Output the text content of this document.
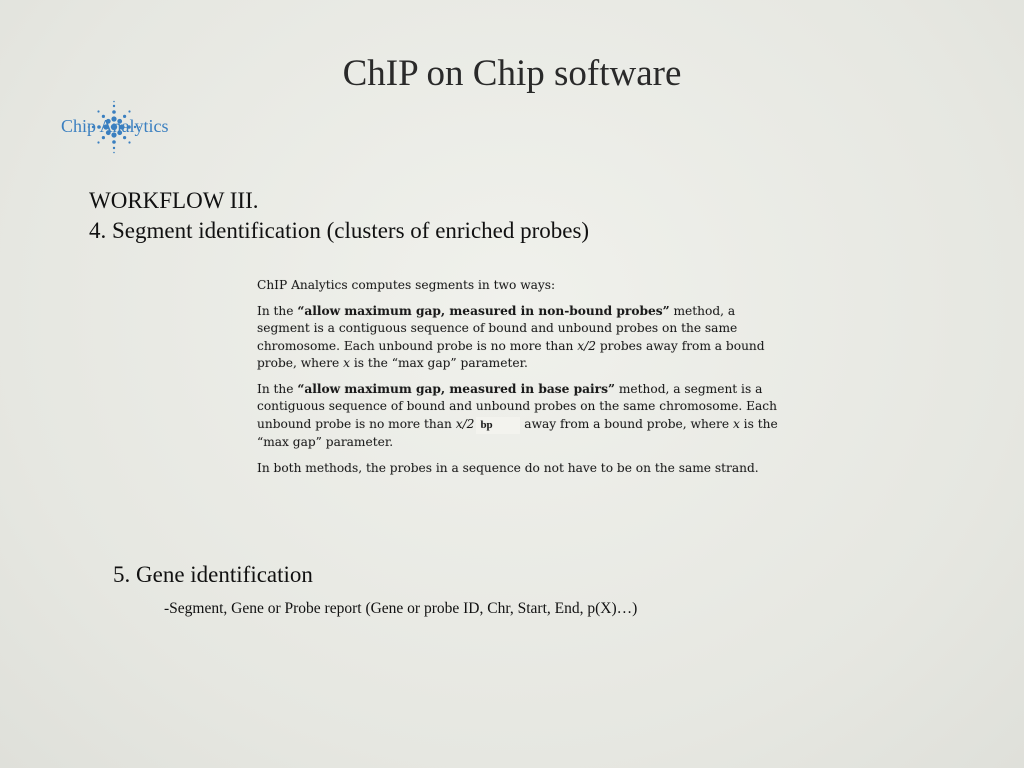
ChIP on Chip software
Chip Analytics
WORKFLOW III.
4. Segment identification (clusters of enriched probes)

ChIP Analytics computes segments in two ways:

In the “allow maximum gap, measured in non-bound probes” method, a segment is a contiguous sequence of bound and unbound probes on the same chromosome. Each unbound probe is no more than x/2 probes away from a bound probe, where x is the “max gap” parameter.

In the “allow maximum gap, measured in base pairs” method, a segment is a contiguous sequence of bound and unbound probes on the same chromosome. Each unbound probe is no more than x/2 bp away from a bound probe, where x is the “max gap” parameter.

In both methods, the probes in a sequence do not have to be on the same strand.

5. Gene identification
-Segment, Gene or Probe report (Gene or probe ID, Chr, Start, End, p(X)…)
